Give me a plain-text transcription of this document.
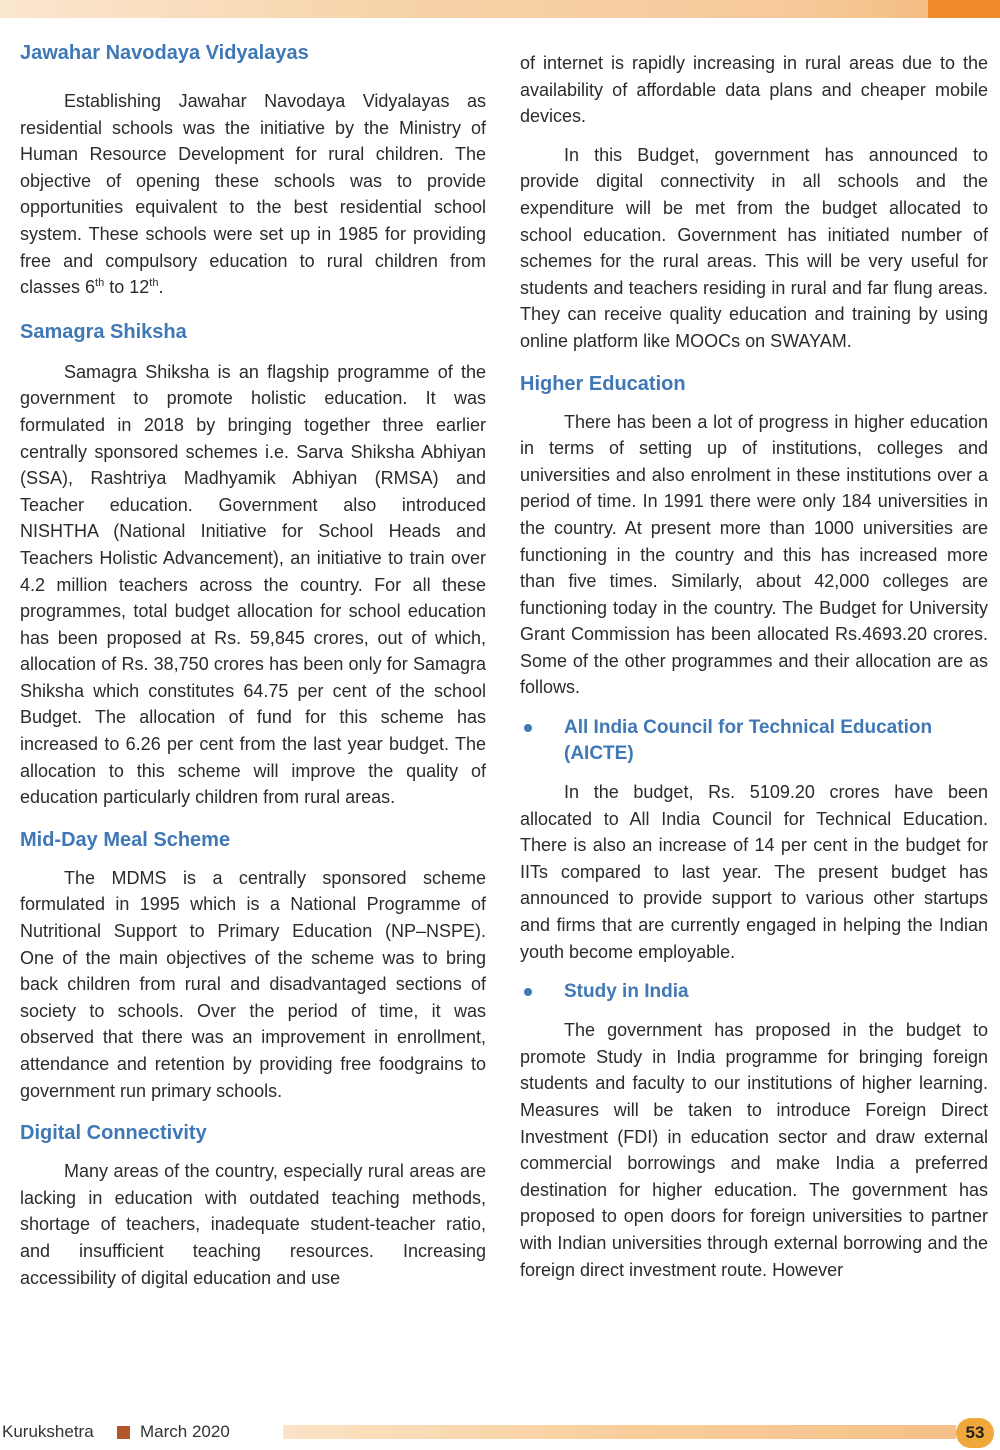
Jawahar Navodaya Vidyalayas

Establishing Jawahar Navodaya Vidyalayas as residential schools was the initiative by the Ministry of Human Resource Development for rural children. The objective of opening these schools was to provide opportunities equivalent to the best residential school system. These schools were set up in 1985 for providing free and compulsory education to rural children from classes 6th to 12th.

Samagra Shiksha

Samagra Shiksha is an flagship programme of the government to promote holistic education. It was formulated in 2018 by bringing together three earlier centrally sponsored schemes i.e. Sarva Shiksha Abhiyan (SSA), Rashtriya Madhyamik Abhiyan (RMSA) and Teacher education. Government also introduced NISHTHA (National Initiative for School Heads and Teachers Holistic Advancement), an initiative to train over 4.2 million teachers across the country. For all these programmes, total budget allocation for school education has been proposed at Rs. 59,845 crores, out of which, allocation of Rs. 38,750 crores has been only for Samagra Shiksha which constitutes 64.75 per cent of the school Budget. The allocation of fund for this scheme has increased to 6.26 per cent from the last year budget. The allocation to this scheme will improve the quality of education particularly children from rural areas.

Mid-Day Meal Scheme

The MDMS is a centrally sponsored scheme formulated in 1995 which is a National Programme of Nutritional Support to Primary Education (NP–NSPE). One of the main objectives of the scheme was to bring back children from rural and disadvantaged sections of society to schools. Over the period of time, it was observed that there was an improvement in enrollment, attendance and retention by providing free foodgrains to government run primary schools.

Digital Connectivity

Many areas of the country, especially rural areas are lacking in education with outdated teaching methods, shortage of teachers, inadequate student-teacher ratio, and insufficient teaching resources. Increasing accessibility of digital education and use

of internet is rapidly increasing in rural areas due to the availability of affordable data plans and cheaper mobile devices.

In this Budget, government has announced to provide digital connectivity in all schools and the expenditure will be met from the budget allocated to school education. Government has initiated number of schemes for the rural areas. This will be very useful for students and teachers residing in rural and far flung areas. They can receive quality education and training by using online platform like MOOCs on SWAYAM.

Higher Education

There has been a lot of progress in higher education in terms of setting up of institutions, colleges and universities and also enrolment in these institutions over a period of time. In 1991 there were only 184 universities in the country. At present more than 1000 universities are functioning in the country and this has increased more than five times. Similarly, about 42,000 colleges are functioning today in the country. The Budget for University Grant Commission has been allocated Rs.4693.20 crores. Some of the other programmes and their allocation are as follows.

All India Council for Technical Education (AICTE)

In the budget, Rs. 5109.20 crores have been allocated to All India Council for Technical Education. There is also an increase of 14 per cent in the budget for IITs compared to last year. The present budget has announced to provide support to various other startups and firms that are currently engaged in helping the Indian youth become employable.

Study in India

The government has proposed in the budget to promote Study in India programme for bringing foreign students and faculty to our institutions of higher learning. Measures will be taken to introduce Foreign Direct Investment (FDI) in education sector and draw external commercial borrowings and make India a preferred destination for higher education. The government has proposed to open doors for foreign universities to partner with Indian universities through external borrowing and the foreign direct investment route. However

Kurukshetra	March 2020	53
